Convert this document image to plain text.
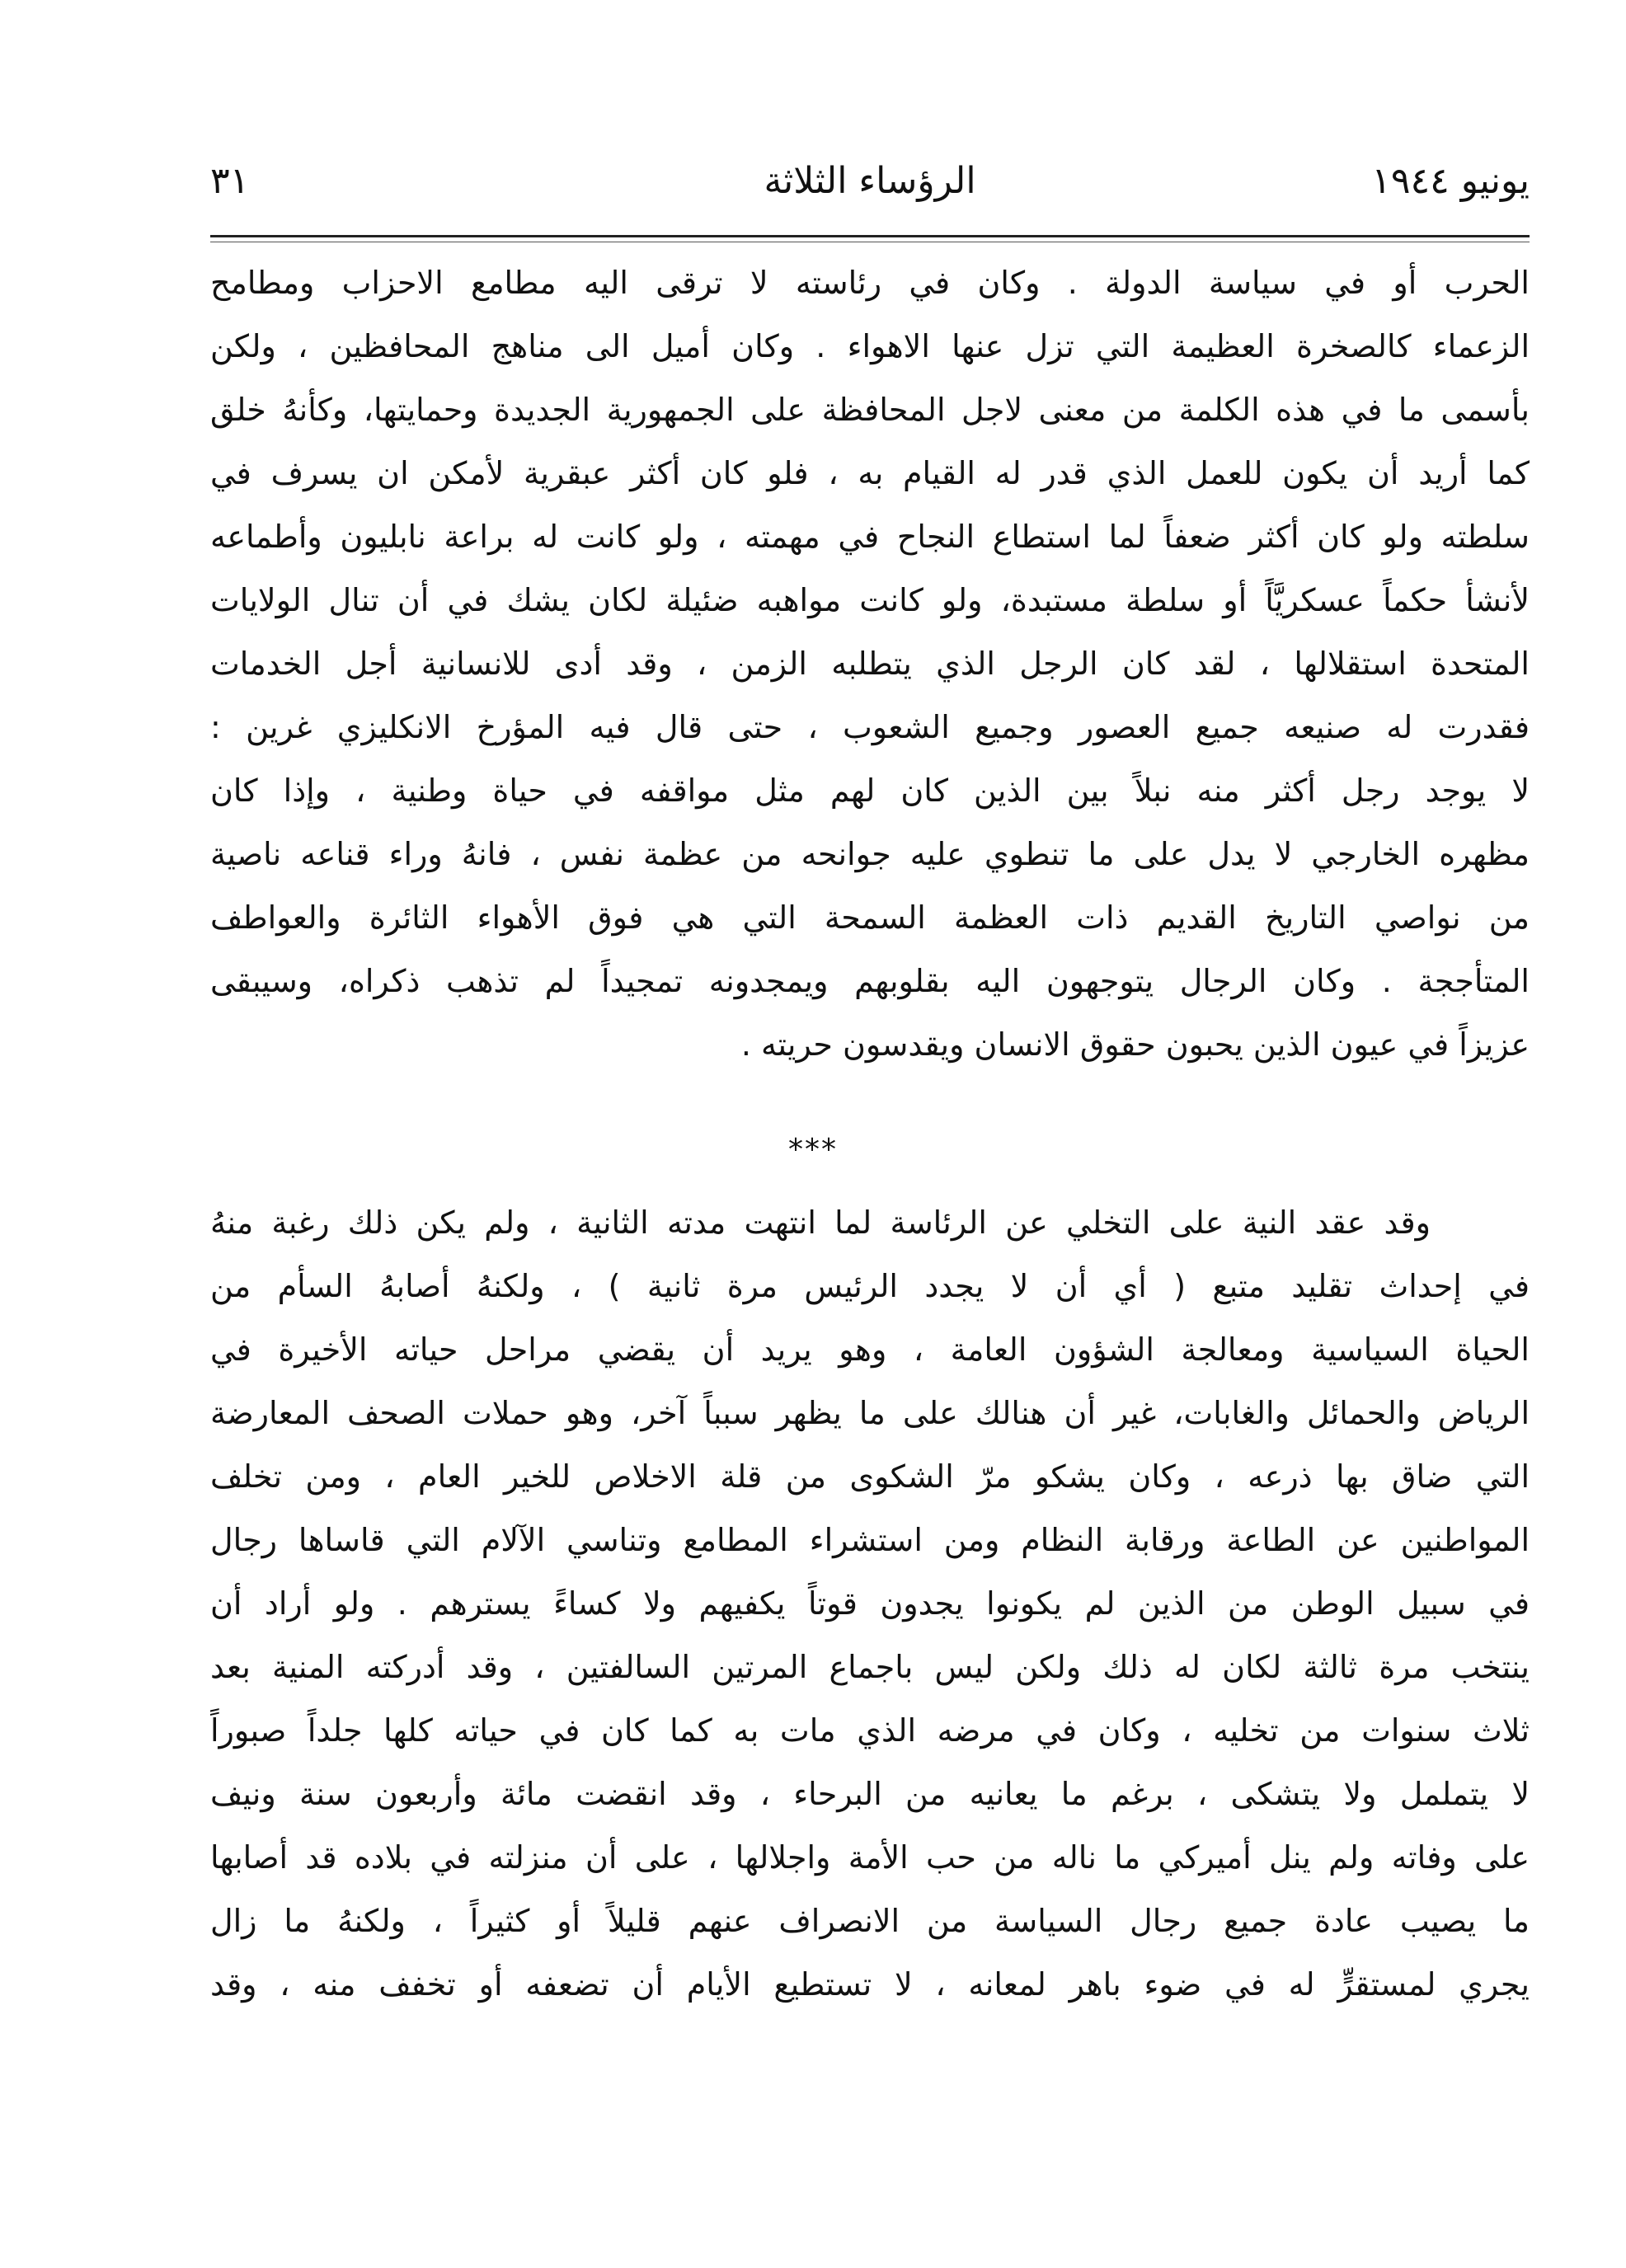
يونيو ١٩٤٤
الرؤساء الثلاثة
٣١
الحرب أو في سياسة الدولة . وكان في رئاسته لا ترقى اليه مطامع الاحزاب ومطامح
الزعماء كالصخرة العظيمة التي تزل عنها الاهواء . وكان أميل الى مناهج المحافظين ، ولكن
بأسمى ما في هذه الكلمة من معنى لاجل المحافظة على الجمهورية الجديدة وحمايتها، وكأنهُ خلق
كما أريد أن يكون للعمل الذي قدر له القيام به ، فلو كان أكثر عبقرية لأمكن ان يسرف في
سلطته ولو كان أكثر ضعفاً لما استطاع النجاح في مهمته ، ولو كانت له براعة نابليون وأطماعه
لأنشأ حكماً عسكريَّاً أو سلطة مستبدة، ولو كانت مواهبه ضئيلة لكان يشك في أن تنال الولايات
المتحدة استقلالها ، لقد كان الرجل الذي يتطلبه الزمن ، وقد أدى للانسانية أجل الخدمات
فقدرت له صنيعه جميع العصور وجميع الشعوب ، حتى قال فيه المؤرخ الانكليزي غرين :
لا يوجد رجل أكثر منه نبلاً بين الذين كان لهم مثل مواقفه في حياة وطنية ، وإذا كان
مظهره الخارجي لا يدل على ما تنطوي عليه جوانحه من عظمة نفس ، فانهُ وراء قناعه ناصية
من نواصي التاريخ القديم ذات العظمة السمحة التي هي فوق الأهواء الثائرة والعواطف
المتأججة . وكان الرجال يتوجهون اليه بقلوبهم ويمجدونه تمجيداً لم تذهب ذكراه، وسيبقى
عزيزاً في عيون الذين يحبون حقوق الانسان ويقدسون حريته .
***
وقد عقد النية على التخلي عن الرئاسة لما انتهت مدته الثانية ، ولم يكن ذلك رغبة منهُ
في إحداث تقليد متبع ( أي أن لا يجدد الرئيس مرة ثانية ) ، ولكنهُ أصابهُ السأم من
الحياة السياسية ومعالجة الشؤون العامة ، وهو يريد أن يقضي مراحل حياته الأخيرة في
الرياض والحمائل والغابات، غير أن هنالك على ما يظهر سبباً آخر، وهو حملات الصحف المعارضة
التي ضاق بها ذرعه ، وكان يشكو مرّ الشكوى من قلة الاخلاص للخير العام ، ومن تخلف
المواطنين عن الطاعة ورقابة النظام ومن استشراء المطامع وتناسي الآلام التي قاساها رجال
في سبيل الوطن من الذين لم يكونوا يجدون قوتاً يكفيهم ولا كساءً يسترهم . ولو أراد أن
ينتخب مرة ثالثة لكان له ذلك ولكن ليس باجماع المرتين السالفتين ، وقد أدركته المنية بعد
ثلاث سنوات من تخليه ، وكان في مرضه الذي مات به كما كان في حياته كلها جلداً صبوراً
لا يتململ ولا يتشكى ، برغم ما يعانيه من البرحاء ، وقد انقضت مائة وأربعون سنة ونيف
على وفاته ولم ينل أميركي ما ناله من حب الأمة واجلالها ، على أن منزلته في بلاده قد أصابها
ما يصيب عادة جميع رجال السياسة من الانصراف عنهم قليلاً أو كثيراً ، ولكنهُ ما زال
يجري لمستقرٍّ له في ضوء باهر لمعانه ، لا تستطيع الأيام أن تضعفه أو تخفف منه ، وقد
